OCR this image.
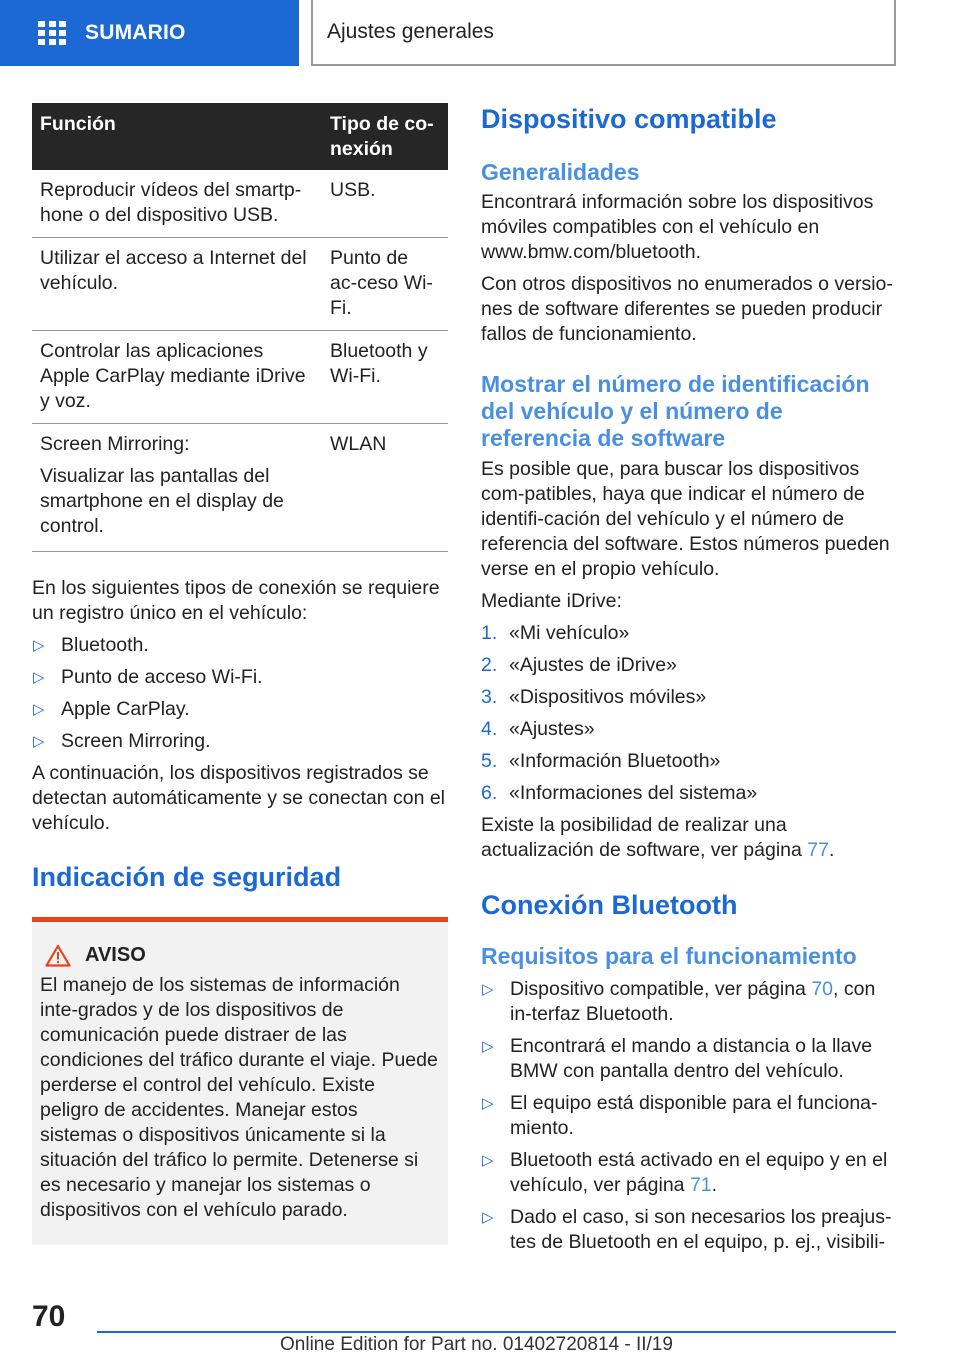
SUMARIO	Ajustes generales
Función	Tipo de co-nexión

Reproducir vídeos del smartp-hone o del dispositivo USB.	USB.

Utilizar el acceso a Internet del vehículo.	Punto de ac-ceso Wi-Fi.

Controlar las aplicaciones Apple CarPlay mediante iDrive y voz.	Bluetooth y Wi-Fi.

Screen Mirroring:

Visualizar las pantallas del smartphone en el display de control.	WLAN

En los siguientes tipos de conexión se requiere un registro único en el vehículo:

▷ Bluetooth.
▷ Punto de acceso Wi-Fi.
▷ Apple CarPlay.
▷ Screen Mirroring.

A continuación, los dispositivos registrados se detectan automáticamente y se conectan con el vehículo.

Indicación de seguridad
AVISO

El manejo de los sistemas de información inte-grados y de los dispositivos de comunicación puede distraer de las condiciones del tráfico durante el viaje. Puede perderse el control del vehículo. Existe peligro de accidentes. Manejar estos sistemas o dispositivos únicamente si la situación del tráfico lo permite. Detenerse si es necesario y manejar los sistemas o dispositivos con el vehículo parado.

Dispositivo compatible
Generalidades

Encontrará información sobre los dispositivos móviles compatibles con el vehículo en www.bmw.com/bluetooth.

Con otros dispositivos no enumerados o versio-nes de software diferentes se pueden producir fallos de funcionamiento.

Mostrar el número de identificación del vehículo y el número de referencia de software

Es posible que, para buscar los dispositivos com-patibles, haya que indicar el número de identifi-cación del vehículo y el número de referencia del software. Estos números pueden verse en el propio vehículo.

Mediante iDrive:

1. «Mi vehículo»
2. «Ajustes de iDrive»
3. «Dispositivos móviles»
4. «Ajustes»
5. «Información Bluetooth»
6. «Informaciones del sistema»

Existe la posibilidad de realizar una actualización de software, ver página 77.

Conexión Bluetooth
Requisitos para el funcionamiento
▷ Dispositivo compatible, ver página 70, con in-terfaz Bluetooth.
▷ Encontrará el mando a distancia o la llave BMW con pantalla dentro del vehículo.
▷ El equipo está disponible para el funciona-miento.
▷ Bluetooth está activado en el equipo y en el vehículo, ver página 71.
▷ Dado el caso, si son necesarios los preajus-tes de Bluetooth en el equipo, p. ej., visibili-
70
Online Edition for Part no. 01402720814 - II/19
